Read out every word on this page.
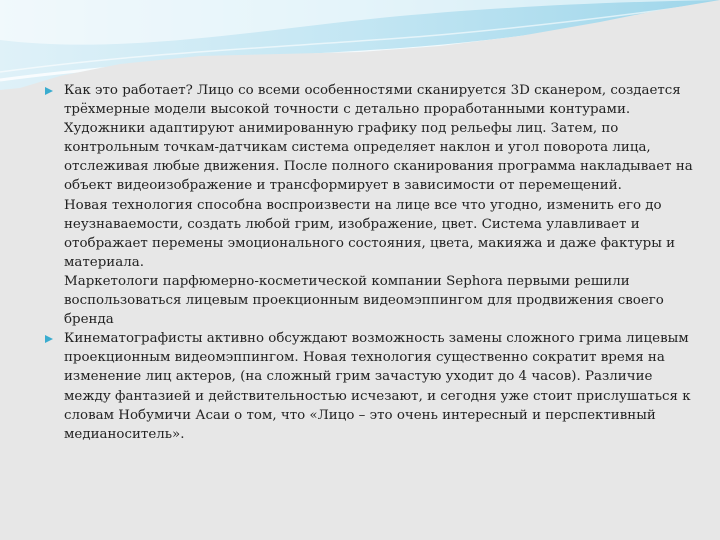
Как это работает? Лицо со всеми особенностями сканируется 3D сканером, создается трёхмерные модели высокой точности с детально проработанными контурами. Художники адаптируют анимированную графику под рельефы лиц. Затем, по контрольным точкам-датчикам система определяет наклон и угол поворота лица, отслеживая любые движения. После полного сканирования программа накладывает на объект видеоизображение и трансформирует в зависимости от перемещений.

Новая технология способна воспроизвести на лице все что угодно, изменить его до неузнаваемости, создать любой грим, изображение, цвет. Система улавливает и отображает перемены эмоционального состояния, цвета, макияжа и даже фактуры и материала.

Маркетологи парфюмерно-косметической компании Sephora первыми решили воспользоваться лицевым проекционным видеомэппингом для продвижения своего бренда

Кинематографисты активно обсуждают возможность замены сложного грима лицевым проекционным видеомэппингом. Новая технология существенно сократит время на изменение лиц актеров, (на сложный грим зачастую уходит до 4 часов). Различие между фантазией и действительностью исчезают, и сегодня уже стоит прислушаться к словам Нобумичи Асаи о том, что «Лицо – это очень интересный и перспективный медианоситель».
